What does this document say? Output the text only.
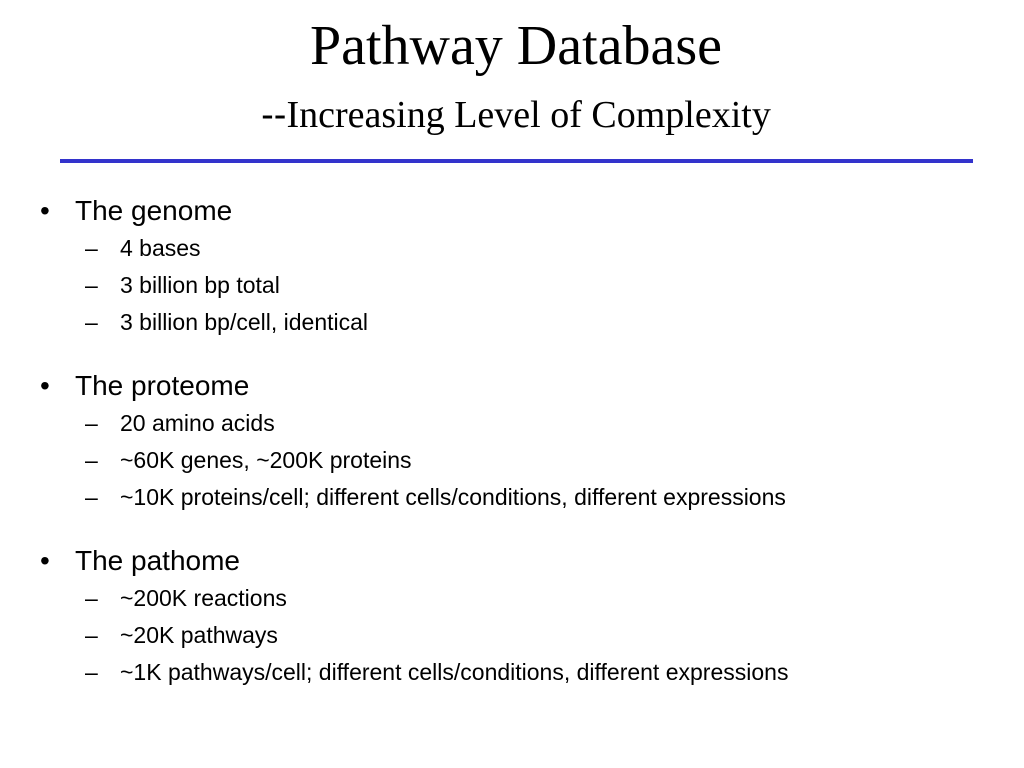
Pathway Database
--Increasing Level of Complexity
• The genome
– 4 bases
– 3 billion bp total
– 3 billion bp/cell, identical
• The proteome
– 20 amino acids
– ~60K genes, ~200K proteins
– ~10K proteins/cell; different cells/conditions, different expressions
• The pathome
– ~200K reactions
– ~20K pathways
– ~1K pathways/cell; different cells/conditions, different expressions
